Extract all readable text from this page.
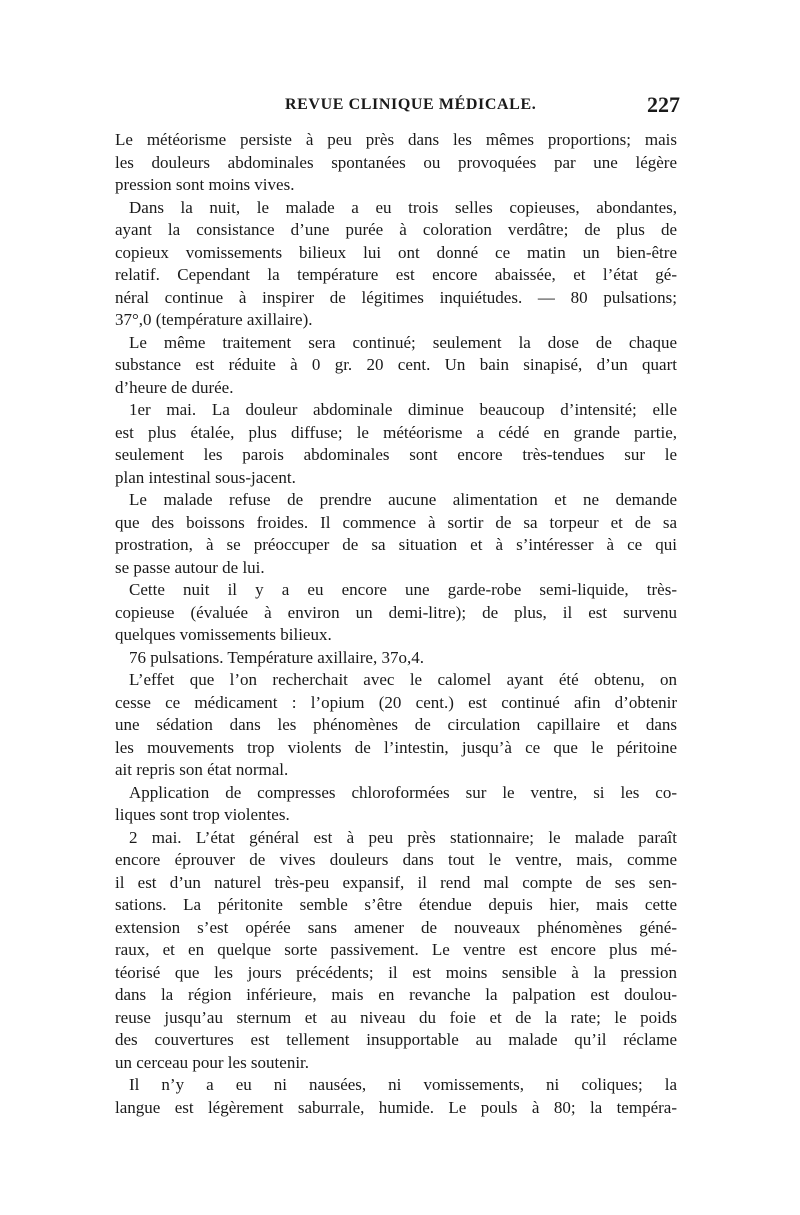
REVUE CLINIQUE MÉDICALE.	227
Le météorisme persiste à peu près dans les mêmes proportions; mais
les douleurs abdominales spontanées ou provoquées par une légère
pression sont moins vives.
Dans la nuit, le malade a eu trois selles copieuses, abondantes,
ayant la consistance d’une purée à coloration verdâtre; de plus de
copieux vomissements bilieux lui ont donné ce matin un bien-être
relatif. Cependant la température est encore abaissée, et l’état gé-
néral continue à inspirer de légitimes inquiétudes. — 80 pulsations;
37°,0 (température axillaire).
Le même traitement sera continué; seulement la dose de chaque
substance est réduite à 0 gr. 20 cent. Un bain sinapisé, d’un quart
d’heure de durée.
1er mai. La douleur abdominale diminue beaucoup d’intensité; elle
est plus étalée, plus diffuse; le météorisme a cédé en grande partie,
seulement les parois abdominales sont encore très-tendues sur le
plan intestinal sous-jacent.
Le malade refuse de prendre aucune alimentation et ne demande
que des boissons froides. Il commence à sortir de sa torpeur et de sa
prostration, à se préoccuper de sa situation et à s’intéresser à ce qui
se passe autour de lui.
Cette nuit il y a eu encore une garde-robe semi-liquide, très-
copieuse (évaluée à environ un demi-litre); de plus, il est survenu
quelques vomissements bilieux.
76 pulsations. Température axillaire, 37o,4.
L’effet que l’on recherchait avec le calomel ayant été obtenu, on
cesse ce médicament : l’opium (20 cent.) est continué afin d’obtenir
une sédation dans les phénomènes de circulation capillaire et dans
les mouvements trop violents de l’intestin, jusqu’à ce que le péritoine
ait repris son état normal.
Application de compresses chloroformées sur le ventre, si les co-
liques sont trop violentes.
2 mai. L’état général est à peu près stationnaire; le malade paraît
encore éprouver de vives douleurs dans tout le ventre, mais, comme
il est d’un naturel très-peu expansif, il rend mal compte de ses sen-
sations. La péritonite semble s’être étendue depuis hier, mais cette
extension s’est opérée sans amener de nouveaux phénomènes géné-
raux, et en quelque sorte passivement. Le ventre est encore plus mé-
téorisé que les jours précédents; il est moins sensible à la pression
dans la région inférieure, mais en revanche la palpation est doulou-
reuse jusqu’au sternum et au niveau du foie et de la rate; le poids
des couvertures est tellement insupportable au malade qu’il réclame
un cerceau pour les soutenir.
Il n’y a eu ni nausées, ni vomissements, ni coliques; la
langue est légèrement saburrale, humide. Le pouls à 80; la tempéra-
